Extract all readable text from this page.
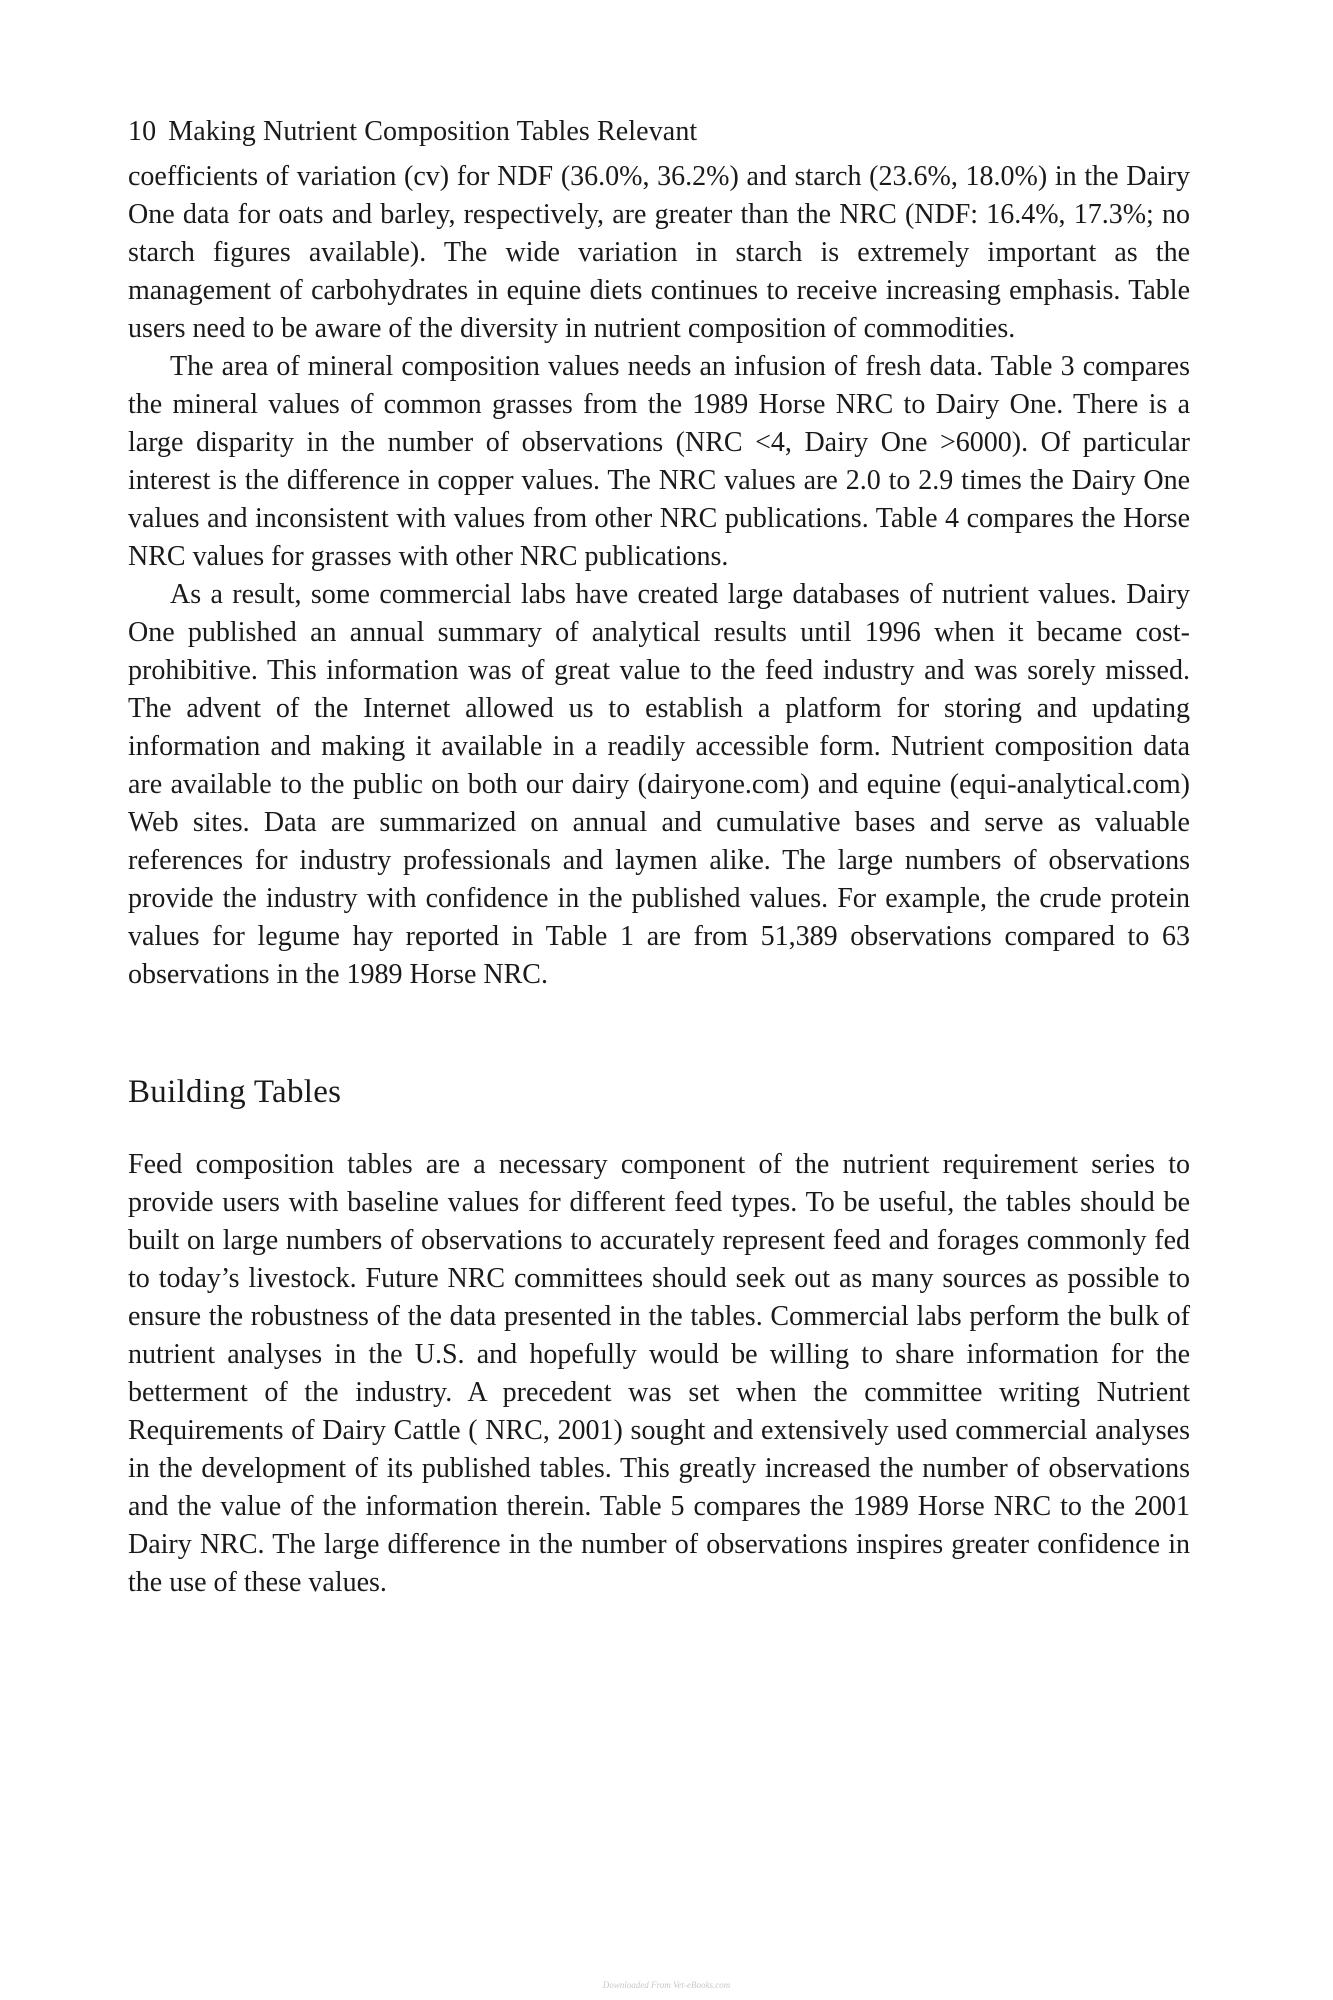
10 Making Nutrient Composition Tables Relevant

coefficients of variation (cv) for NDF (36.0%, 36.2%) and starch (23.6%, 18.0%) in the Dairy One data for oats and barley, respectively, are greater than the NRC (NDF: 16.4%, 17.3%; no starch figures available). The wide variation in starch is extremely important as the management of carbohydrates in equine diets continues to receive increasing emphasis. Table users need to be aware of the diversity in nutrient composition of commodities.

The area of mineral composition values needs an infusion of fresh data. Table 3 compares the mineral values of common grasses from the 1989 Horse NRC to Dairy One. There is a large disparity in the number of observations (NRC <4, Dairy One >6000). Of particular interest is the difference in copper values. The NRC values are 2.0 to 2.9 times the Dairy One values and inconsistent with values from other NRC publications. Table 4 compares the Horse NRC values for grasses with other NRC publications.

As a result, some commercial labs have created large databases of nutrient values. Dairy One published an annual summary of analytical results until 1996 when it became cost-prohibitive. This information was of great value to the feed industry and was sorely missed. The advent of the Internet allowed us to establish a platform for storing and updating information and making it available in a readily accessible form. Nutrient composition data are available to the public on both our dairy (dairyone.com) and equine (equi-analytical.com) Web sites. Data are summarized on annual and cumulative bases and serve as valuable references for industry professionals and laymen alike. The large numbers of observations provide the industry with confidence in the published values. For example, the crude protein values for legume hay reported in Table 1 are from 51,389 observations compared to 63 observations in the 1989 Horse NRC.

Building Tables

Feed composition tables are a necessary component of the nutrient requirement series to provide users with baseline values for different feed types. To be useful, the tables should be built on large numbers of observations to accurately represent feed and forages commonly fed to today’s livestock. Future NRC committees should seek out as many sources as possible to ensure the robustness of the data presented in the tables. Commercial labs perform the bulk of nutrient analyses in the U.S. and hopefully would be willing to share information for the betterment of the industry. A precedent was set when the committee writing Nutrient Requirements of Dairy Cattle ( NRC, 2001) sought and extensively used commercial analyses in the development of its published tables. This greatly increased the number of observations and the value of the information therein. Table 5 compares the 1989 Horse NRC to the 2001 Dairy NRC. The large difference in the number of observations inspires greater confidence in the use of these values.

Downloaded From Vet-eBooks.com
